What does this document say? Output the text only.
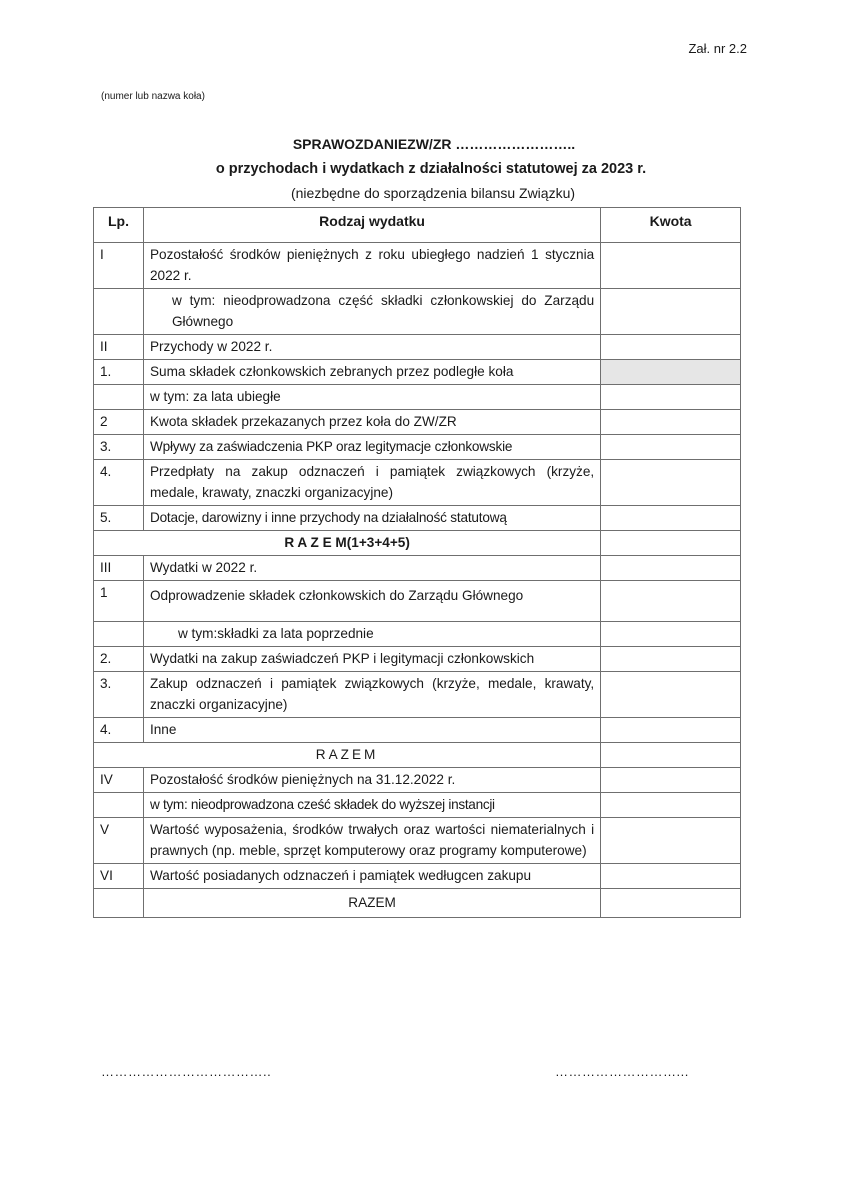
Zał. nr 2.2
(numer lub nazwa koła)
SPRAWOZDANIEZW/ZR ……………………..
o przychodach i wydatkach z działalności statutowej za 2023 r.
(niezbędne do sporządzenia bilansu Związku)
Lp.	Rodzaj wydatku	Kwota
I	Pozostałość środków pieniężnych z roku ubiegłego nadzień 1 stycznia 2022 r.	
	w tym: nieodprowadzona część składki członkowskiej do Zarządu Głównego	
II	Przychody w 2022 r.	
1.	Suma składek członkowskich zebranych przez podległe koła	
	w tym: za lata ubiegłe	
2	Kwota składek przekazanych przez koła do ZW/ZR	
3.	Wpływy za zaświadczenia PKP oraz legitymacje członkowskie	
4.	Przedpłaty na zakup odznaczeń i pamiątek związkowych (krzyże, medale, krawaty, znaczki organizacyjne)	
5.	Dotacje, darowizny i inne przychody na działalność statutową	
R A Z E M(1+3+4+5)		
III	Wydatki w 2022 r.	
1	Odprowadzenie składek członkowskich do Zarządu Głównego	
	w tym:składki za lata poprzednie	
2.	Wydatki na zakup zaświadczeń PKP i legitymacji członkowskich	
3.	Zakup odznaczeń i pamiątek związkowych (krzyże, medale, krawaty, znaczki organizacyjne)	
4.	Inne	
RAZEM		
IV	Pozostałość środków pieniężnych na 31.12.2022 r.	
	w tym: nieodprowadzona cześć składek do wyższej instancji	
V	Wartość wyposażenia, środków trwałych oraz wartości niematerialnych i prawnych (np. meble, sprzęt komputerowy oraz programy komputerowe)	
VI	Wartość posiadanych odznaczeń i pamiątek wedługcen zakupu	
	RAZEM	
………………………………..	………………………...
